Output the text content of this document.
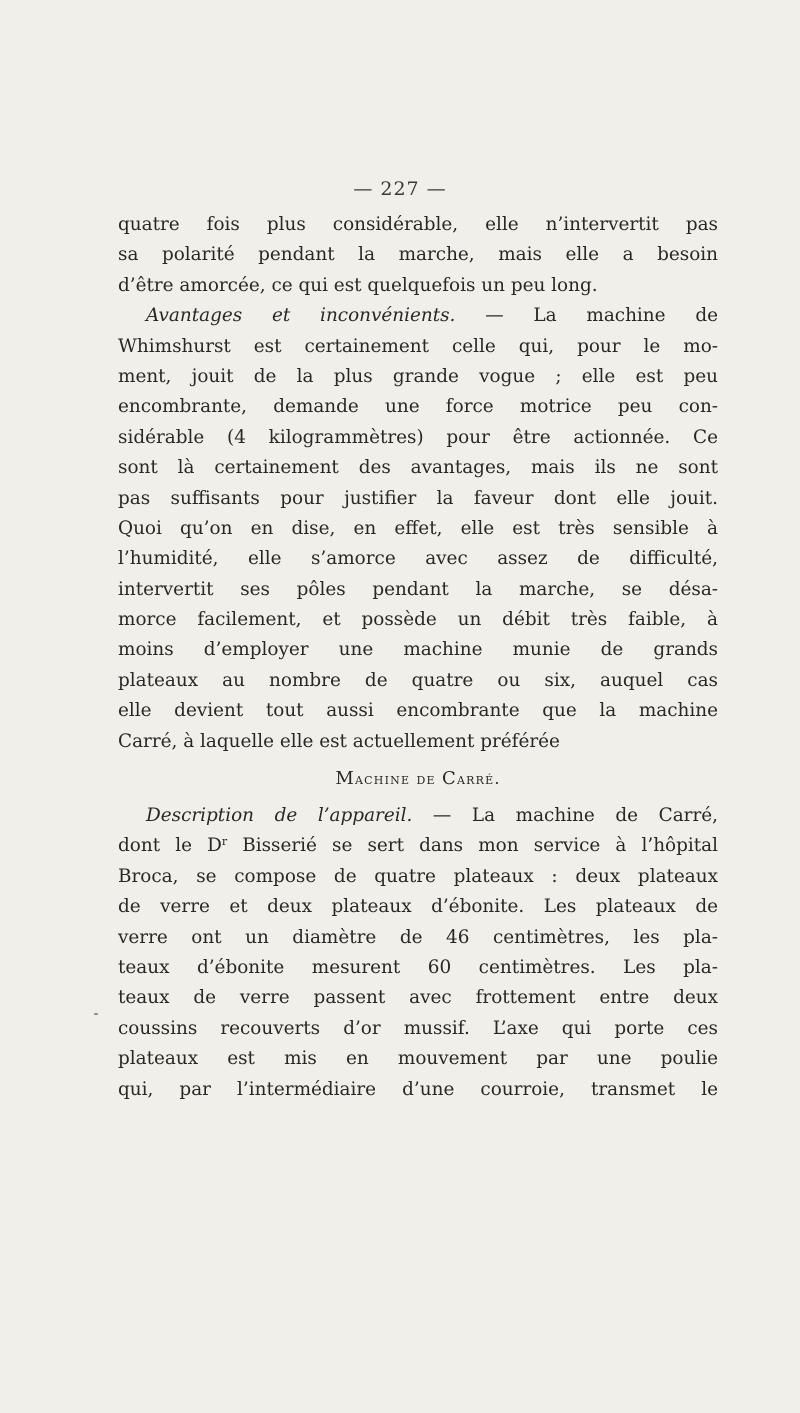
— 227 —
quatre fois plus considérable, elle n’intervertit pas
sa polarité pendant la marche, mais elle a besoin
d’être amorcée, ce qui est quelquefois un peu long.
Avantages et inconvénients. — La machine de
Whimshurst est certainement celle qui, pour le mo-
ment, jouit de la plus grande vogue ; elle est peu
encombrante, demande une force motrice peu con-
sidérable (4 kilogrammètres) pour être actionnée. Ce
sont là certainement des avantages, mais ils ne sont
pas suffisants pour justifier la faveur dont elle jouit.
Quoi qu’on en dise, en effet, elle est très sensible à
l’humidité, elle s’amorce avec assez de difficulté,
intervertit ses pôles pendant la marche, se désa-
morce facilement, et possède un débit très faible, à
moins d’employer une machine munie de grands
plateaux au nombre de quatre ou six, auquel cas
elle devient tout aussi encombrante que la machine
Carré, à laquelle elle est actuellement préférée
Machine de Carré.
Description de l’appareil. — La machine de Carré,
dont le $D^r$ Bisserié se sert dans mon service à l’hôpital
Broca, se compose de quatre plateaux : deux plateaux
de verre et deux plateaux d’ébonite. Les plateaux de
verre ont un diamètre de 46 centimètres, les pla-
teaux d’ébonite mesurent 60 centimètres. Les pla-
teaux de verre passent avec frottement entre deux
coussins recouverts d’or mussif. L’axe qui porte ces
plateaux est mis en mouvement par une poulie
qui, par l’intermédiaire d’une courroie, transmet le
